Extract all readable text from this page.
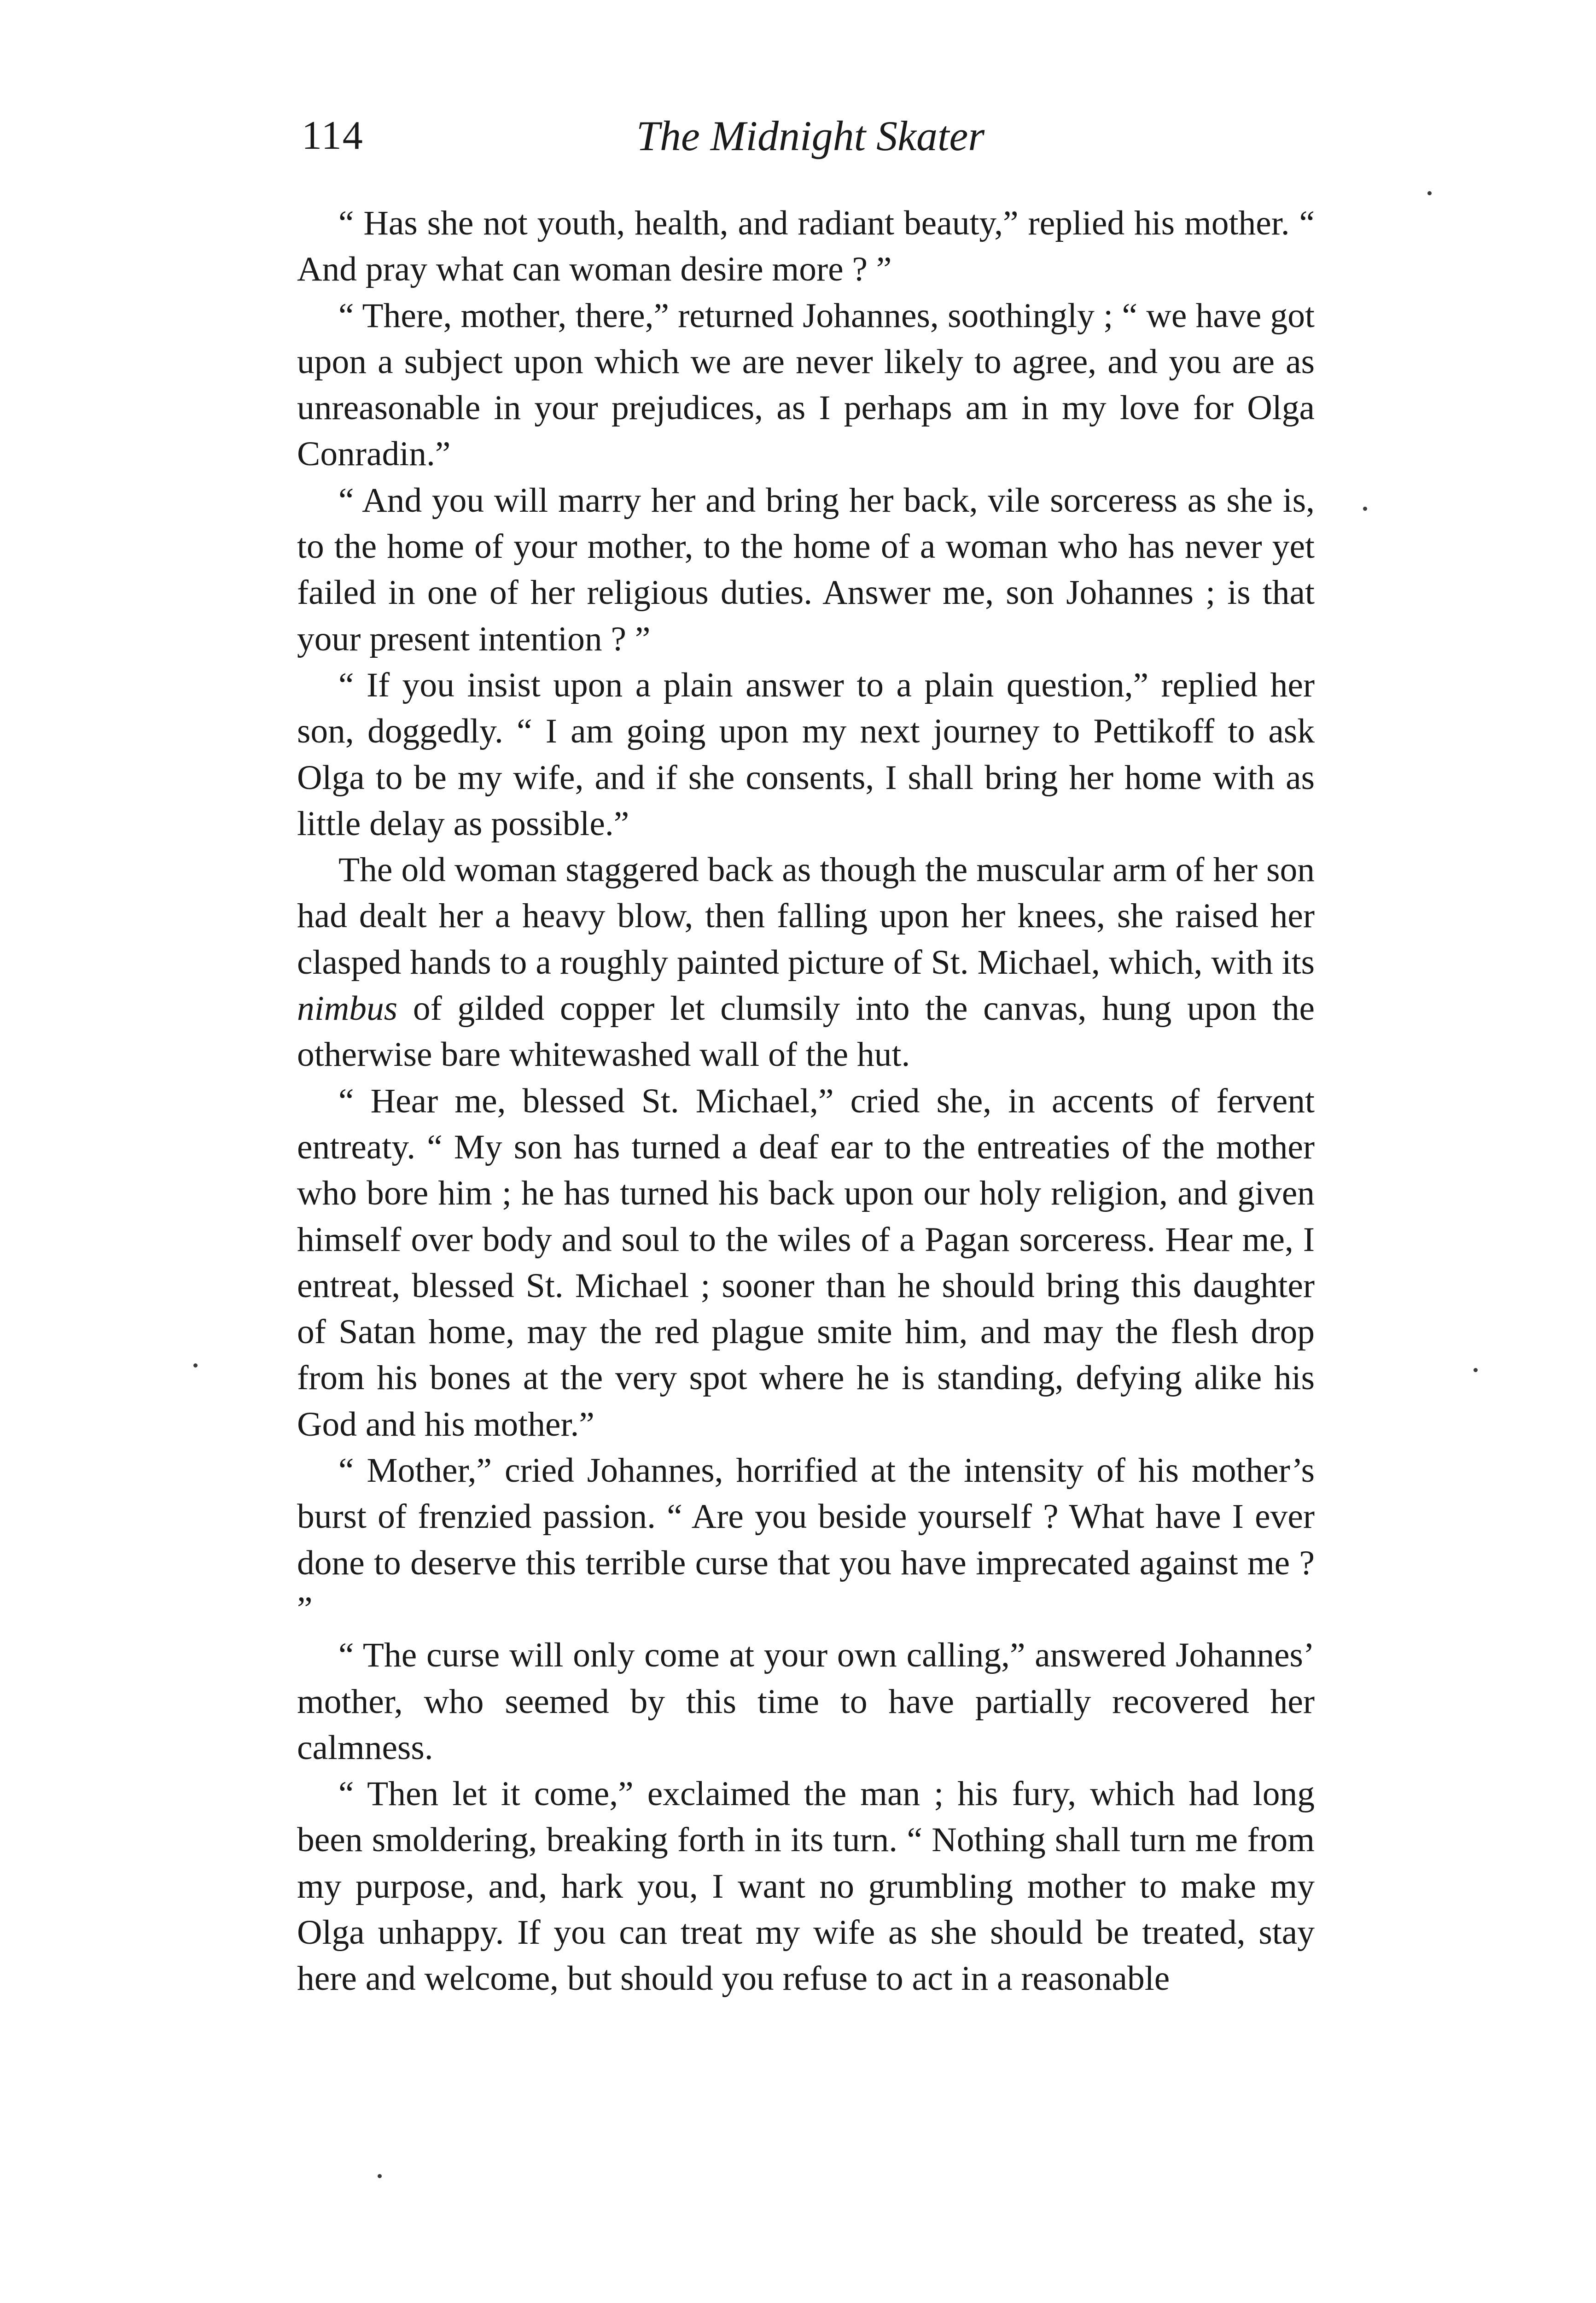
114	The Midnight Skater

“ Has she not youth, health, and radiant beauty,” replied his mother. “ And pray what can woman desire more ? ”

“ There, mother, there,” returned Johannes, soothingly ; “ we have got upon a subject upon which we are never likely to agree, and you are as unreasonable in your prejudices, as I perhaps am in my love for Olga Conradin.”

“ And you will marry her and bring her back, vile sorceress as she is, to the home of your mother, to the home of a woman who has never yet failed in one of her religious duties. Answer me, son Johannes ; is that your present intention ? ”

“ If you insist upon a plain answer to a plain question,” replied her son, doggedly. “ I am going upon my next journey to Pettikoff to ask Olga to be my wife, and if she consents, I shall bring her home with as little delay as possible.”

The old woman staggered back as though the muscular arm of her son had dealt her a heavy blow, then falling upon her knees, she raised her clasped hands to a roughly painted picture of St. Michael, which, with its nimbus of gilded copper let clumsily into the canvas, hung upon the otherwise bare whitewashed wall of the hut.

“ Hear me, blessed St. Michael,” cried she, in accents of fervent entreaty. “ My son has turned a deaf ear to the entreaties of the mother who bore him ; he has turned his back upon our holy religion, and given himself over body and soul to the wiles of a Pagan sorceress. Hear me, I entreat, blessed St. Michael ; sooner than he should bring this daughter of Satan home, may the red plague smite him, and may the flesh drop from his bones at the very spot where he is standing, defying alike his God and his mother.”

“ Mother,” cried Johannes, horrified at the intensity of his mother’s burst of frenzied passion. “ Are you beside yourself ? What have I ever done to deserve this terrible curse that you have imprecated against me ? ”

“ The curse will only come at your own calling,” answered Johannes’ mother, who seemed by this time to have partially recovered her calmness.

“ Then let it come,” exclaimed the man ; his fury, which had long been smoldering, breaking forth in its turn. “ Nothing shall turn me from my purpose, and, hark you, I want no grumbling mother to make my Olga unhappy. If you can treat my wife as she should be treated, stay here and welcome, but should you refuse to act in a reasonable
